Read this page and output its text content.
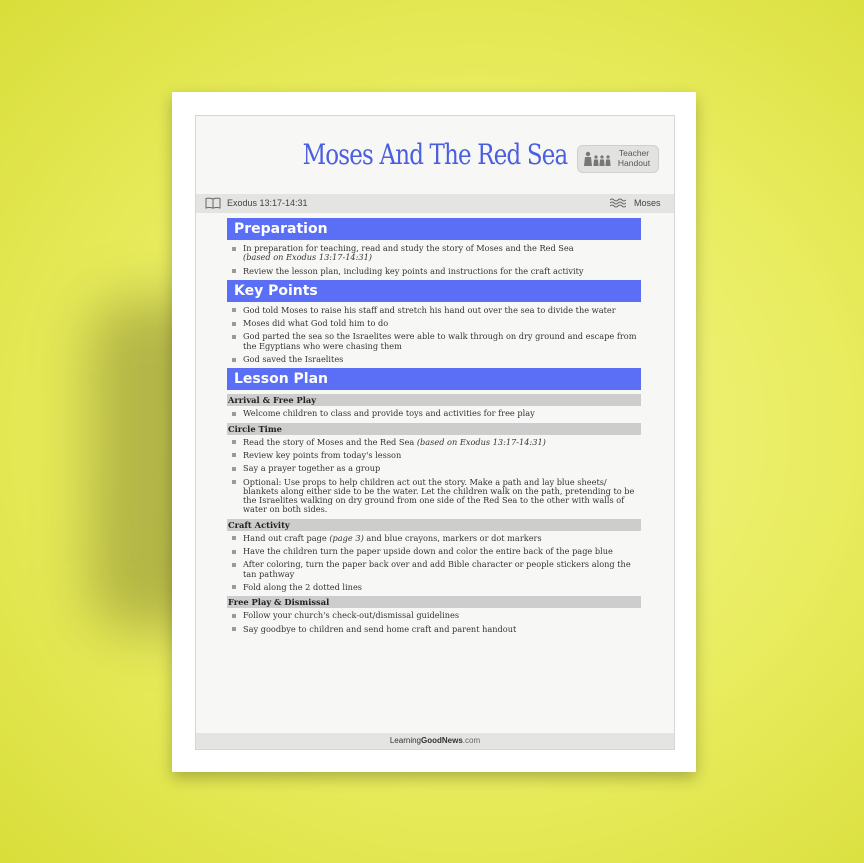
Moses And The Red Sea	Teacher
Handout
Exodus 13:17-14:31	Moses
Preparation
In preparation for teaching, read and study the story of Moses and the Red Sea
(based on Exodus 13:17-14:31)
Review the lesson plan, including key points and instructions for the craft activity
Key Points
God told Moses to raise his staff and stretch his hand out over the sea to divide the water
Moses did what God told him to do
God parted the sea so the Israelites were able to walk through on dry ground and escape from the Egyptians who were chasing them
God saved the Israelites
Lesson Plan
Arrival & Free Play
Welcome children to class and provide toys and activities for free play
Circle Time
Read the story of Moses and the Red Sea (based on Exodus 13:17-14:31)
Review key points from today's lesson
Say a prayer together as a group
Optional: Use props to help children act out the story. Make a path and lay blue sheets/ blankets along either side to be the water. Let the children walk on the path, pretending to be the Israelites walking on dry ground from one side of the Red Sea to the other with walls of water on both sides.
Craft Activity
Hand out craft page (page 3) and blue crayons, markers or dot markers
Have the children turn the paper upside down and color the entire back of the page blue
After coloring, turn the paper back over and add Bible character or people stickers along the tan pathway
Fold along the 2 dotted lines
Free Play & Dismissal
Follow your church's check-out/dismissal guidelines
Say goodbye to children and send home craft and parent handout
LearningGoodNews.com
